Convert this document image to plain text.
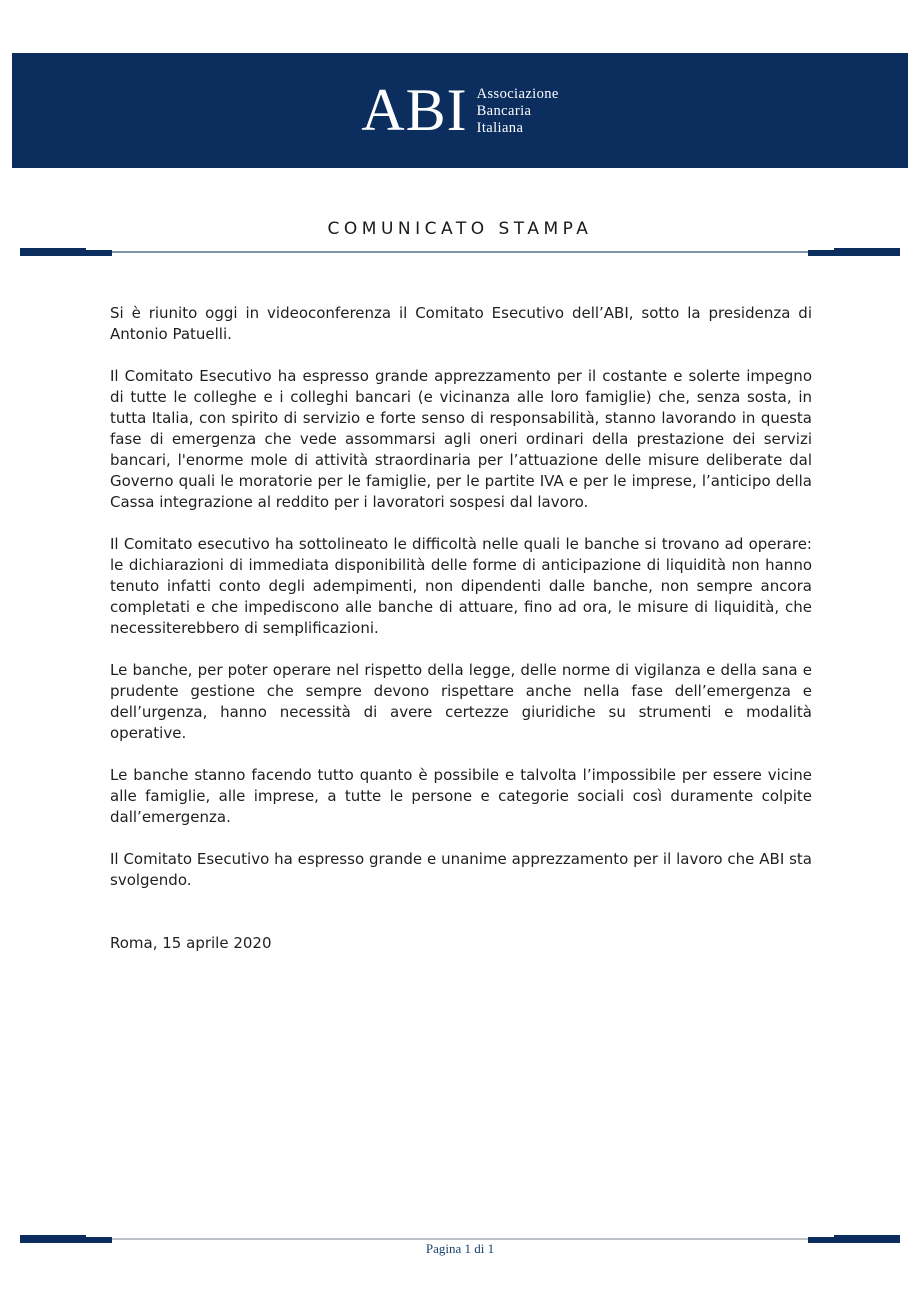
ABI Associazione
Bancaria
Italiana
COMUNICATO STAMPA

Si è riunito oggi in videoconferenza il Comitato Esecutivo dell’ABI, sotto la presidenza di Antonio Patuelli.

Il Comitato Esecutivo ha espresso grande apprezzamento per il costante e solerte impegno di tutte le colleghe e i colleghi bancari (e vicinanza alle loro famiglie) che, senza sosta, in tutta Italia, con spirito di servizio e forte senso di responsabilità, stanno lavorando in questa fase di emergenza che vede assommarsi agli oneri ordinari della prestazione dei servizi bancari, l'enorme mole di attività straordinaria per l’attuazione delle misure deliberate dal Governo quali le moratorie per le famiglie, per le partite IVA e per le imprese, l’anticipo della Cassa integrazione al reddito per i lavoratori sospesi dal lavoro.

Il Comitato esecutivo ha sottolineato le difficoltà nelle quali le banche si trovano ad operare: le dichiarazioni di immediata disponibilità delle forme di anticipazione di liquidità non hanno tenuto infatti conto degli adempimenti, non dipendenti dalle banche, non sempre ancora completati e che impediscono alle banche di attuare, fino ad ora, le misure di liquidità, che necessiterebbero di semplificazioni.

Le banche, per poter operare nel rispetto della legge, delle norme di vigilanza e della sana e prudente gestione che sempre devono rispettare anche nella fase dell’emergenza e dell’urgenza, hanno necessità di avere certezze giuridiche su strumenti e modalità operative.

Le banche stanno facendo tutto quanto è possibile e talvolta l’impossibile per essere vicine alle famiglie, alle imprese, a tutte le persone e categorie sociali così duramente colpite dall’emergenza.

Il Comitato Esecutivo ha espresso grande e unanime apprezzamento per il lavoro che ABI sta svolgendo.

Roma, 15 aprile 2020

Pagina 1 di 1
